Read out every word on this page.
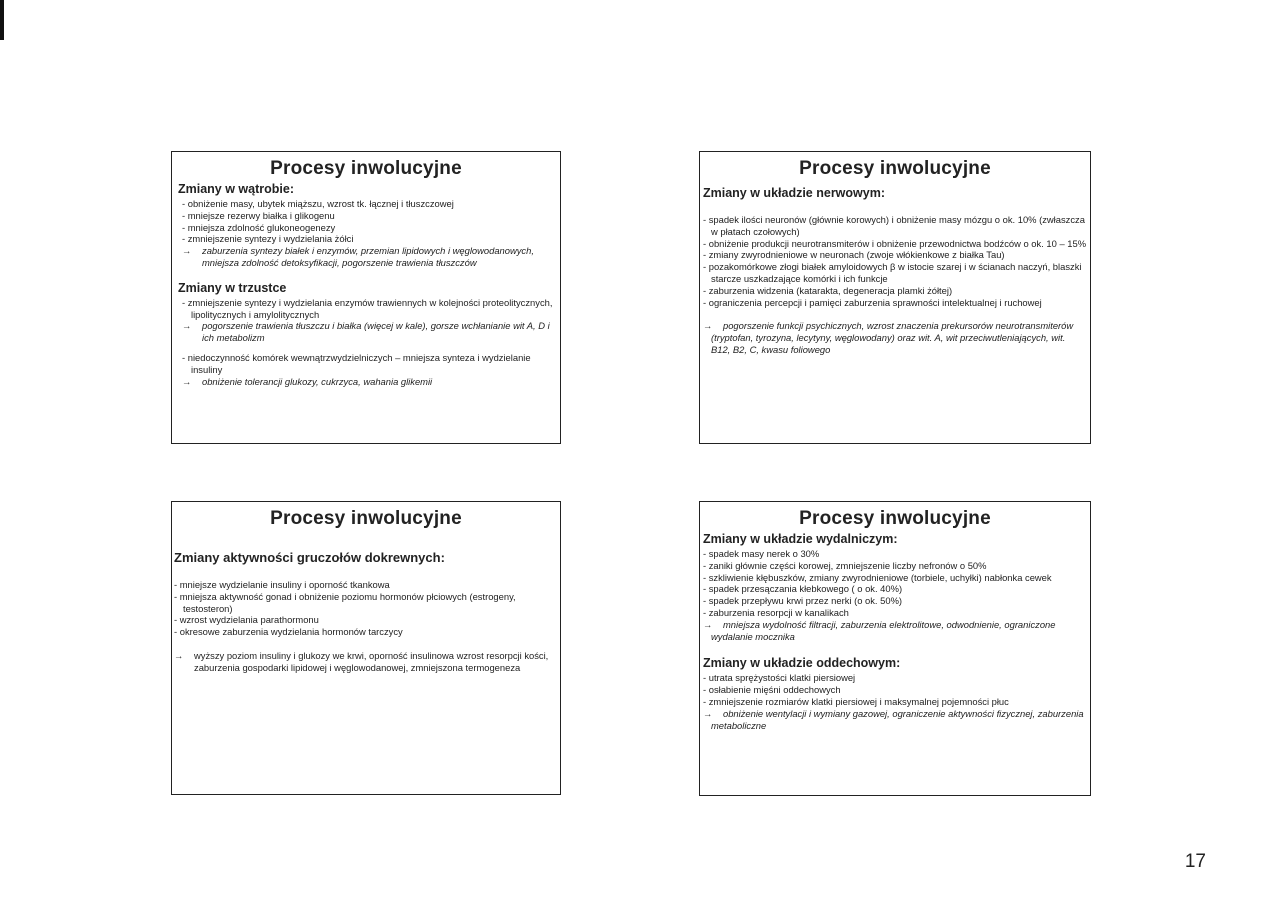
Procesy inwolucyjne
Zmiany w wątrobie:
- obniżenie masy, ubytek miąższu, wzrost tk. łącznej i tłuszczowej
- mniejsze rezerwy białka i glikogenu
- mniejsza zdolność glukoneogenezy
- zmniejszenie syntezy i wydzielania żółci
→ zaburzenia syntezy białek i enzymów, przemian lipidowych i węglowodanowych, mniejsza zdolność detoksyfikacji, pogorszenie trawienia tłuszczów
Zmiany w trzustce
- zmniejszenie syntezy i wydzielania enzymów trawiennych w kolejności proteolitycznych, lipolitycznych i amylolitycznych
→ pogorszenie trawienia tłuszczu i białka (więcej w kale), gorsze wchłanianie wit A, D i ich metabolizm
- niedoczynność komórek wewnątrzwydzielniczych – mniejsza synteza i wydzielanie insuliny
→ obniżenie tolerancji glukozy, cukrzyca, wahania glikemii
Procesy inwolucyjne
Zmiany w układzie nerwowym:
- spadek ilości neuronów (głównie korowych) i obniżenie masy mózgu o ok. 10% (zwłaszcza w płatach czołowych)
- obniżenie produkcji neurotransmiterów i obniżenie przewodnictwa bodźców o ok. 10 – 15%
- zmiany zwyrodnieniowe w neuronach (zwoje włókienkowe z białka Tau)
- pozakomórkowe złogi białek amyloidowych β w istocie szarej i w ścianach naczyń, blaszki starcze uszkadzające komórki i ich funkcje
- zaburzenia widzenia (katarakta, degeneracja plamki żółtej)
- ograniczenia percepcji i pamięci zaburzenia sprawności intelektualnej i ruchowej
→ pogorszenie funkcji psychicznych, wzrost znaczenia prekursorów neurotransmiterów (tryptofan, tyrozyna, lecytyny, węglowodany) oraz wit. A, wit przeciwutleniających, wit. B12, B2, C, kwasu foliowego
Procesy inwolucyjne
Zmiany aktywności gruczołów dokrewnych:
- mniejsze wydzielanie insuliny i oporność tkankowa
- mniejsza aktywność gonad i obniżenie poziomu hormonów płciowych (estrogeny, testosteron)
- wzrost wydzielania parathormonu
- okresowe zaburzenia wydzielania hormonów tarczycy
→ wyższy poziom insuliny i glukozy we krwi, oporność insulinowa wzrost resorpcji kości, zaburzenia gospodarki lipidowej i węglowodanowej, zmniejszona termogeneza
Procesy inwolucyjne
Zmiany w układzie wydalniczym:
- spadek masy nerek o 30%
- zaniki głównie części korowej, zmniejszenie liczby nefronów o 50%
- szkliwienie kłębuszków, zmiany zwyrodnieniowe (torbiele, uchyłki) nabłonka cewek
- spadek przesączania kłebkowego ( o ok. 40%)
- spadek przepływu krwi przez nerki (o ok. 50%)
- zaburzenia resorpcji w kanalikach
→ mniejsza wydolność filtracji, zaburzenia elektrolitowe, odwodnienie, ograniczone wydalanie mocznika
Zmiany w układzie oddechowym:
- utrata sprężystości klatki piersiowej
- osłabienie mięśni oddechowych
- zmniejszenie rozmiarów klatki piersiowej i maksymalnej pojemności płuc
→ obniżenie wentylacji i wymiany gazowej, ograniczenie aktywności fizycznej, zaburzenia metaboliczne
17
